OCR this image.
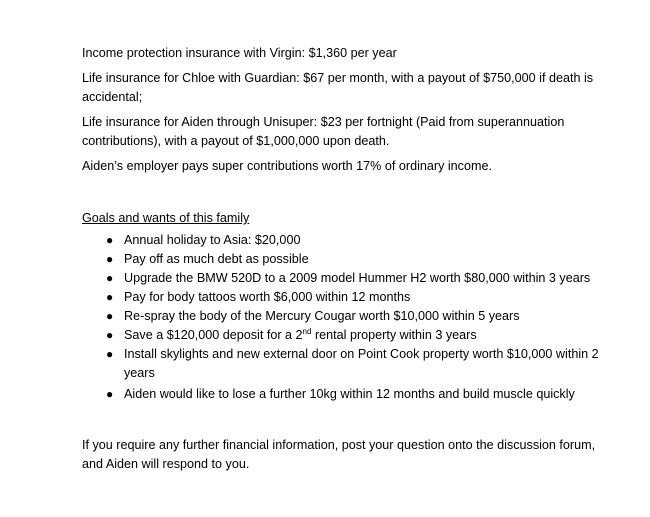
Income protection insurance with Virgin: $1,360 per year

Life insurance for Chloe with Guardian: $67 per month, with a payout of $750,000 if death is accidental;

Life insurance for Aiden through Unisuper: $23 per fortnight (Paid from superannuation contributions), with a payout of $1,000,000 upon death.

Aiden’s employer pays super contributions worth 17% of ordinary income.

Goals and wants of this family

● Annual holiday to Asia: $20,000
● Pay off as much debt as possible
● Upgrade the BMW 520D to a 2009 model Hummer H2 worth $80,000 within 3 years
● Pay for body tattoos worth $6,000 within 12 months
● Re-spray the body of the Mercury Cougar worth $10,000 within 5 years
● Save a $120,000 deposit for a 2nd rental property within 3 years
● Install skylights and new external door on Point Cook property worth $10,000 within 2 years
● Aiden would like to lose a further 10kg within 12 months and build muscle quickly

If you require any further financial information, post your question onto the discussion forum, and Aiden will respond to you.
